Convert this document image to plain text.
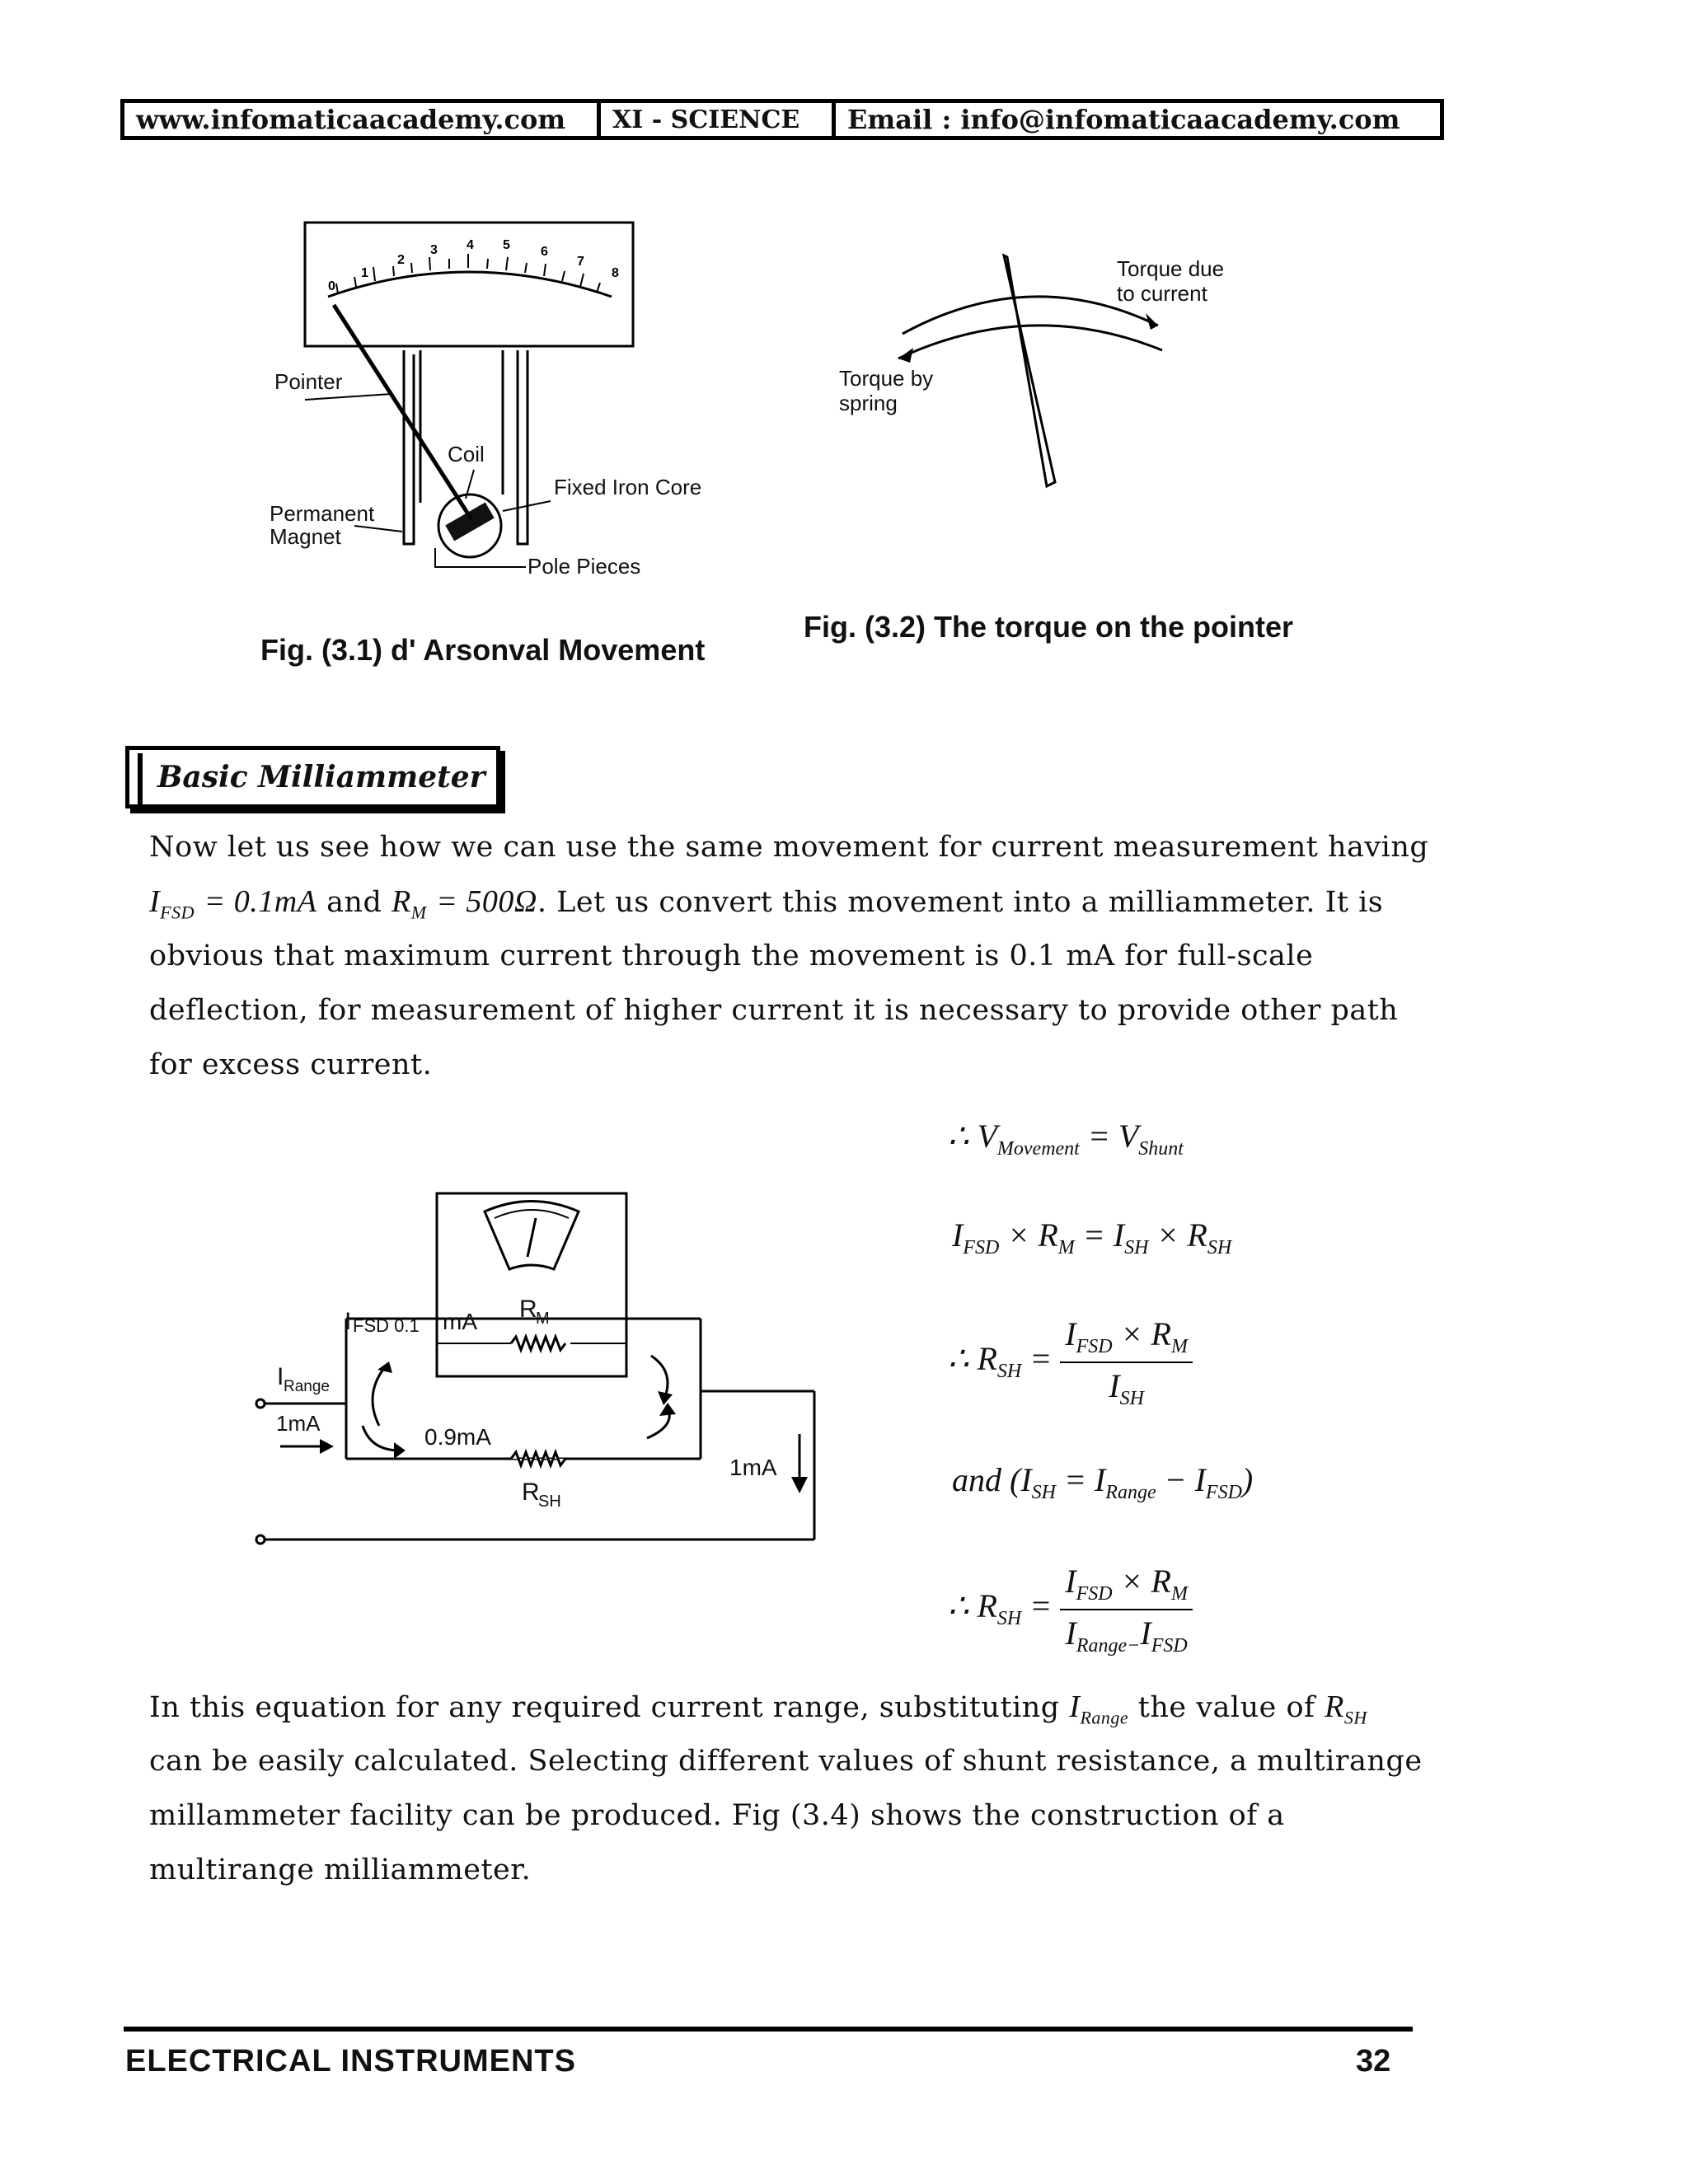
www.infomaticaacademy.com	XI - SCIENCE	Email : info@infomaticaacademy.com
0
1
2
3 4 5 6
7
8
Pointer
Coil
Fixed Iron Core
Permanent
Magnet
Pole Pieces
Fig. (3.1) d' Arsonval Movement
Torque due
to current
Torque by
spring
Fig. (3.2) The torque on the pointer
Basic Milliammeter
Now let us see how we can use the same movement for current measurement having
$I_{FSD} = 0.1mA$ and $R_M = 500\Omega$. Let us convert this movement into a milliammeter. It is
obvious that maximum current through the movement is 0.1 mA for full-scale
deflection, for measurement of higher current it is necessary to provide other path
for excess current.
I FSD 0.1 mA R
M
I Range
1mA
0.9mA
R
SH
1mA
∴ $V_{Movement} = V_{Shunt}$
$I_{FSD} \times R_M = I_{SH} \times R_{SH}$
∴ $R_{SH} = \frac{I_{FSD} \times R_M}{I_{SH}}$
and $(I_{SH} = I_{Range} - I_{FSD})$
∴ $R_{SH} = \frac{I_{FSD} \times R_M}{I_{Range-}I_{FSD}}$
In this equation for any required current range, substituting $I_{Range}$ the value of $R_{SH}$
can be easily calculated. Selecting different values of shunt resistance, a multirange
millammeter facility can be produced. Fig (3.4) shows the construction of a
multirange milliammeter.
ELECTRICAL INSTRUMENTS	32
